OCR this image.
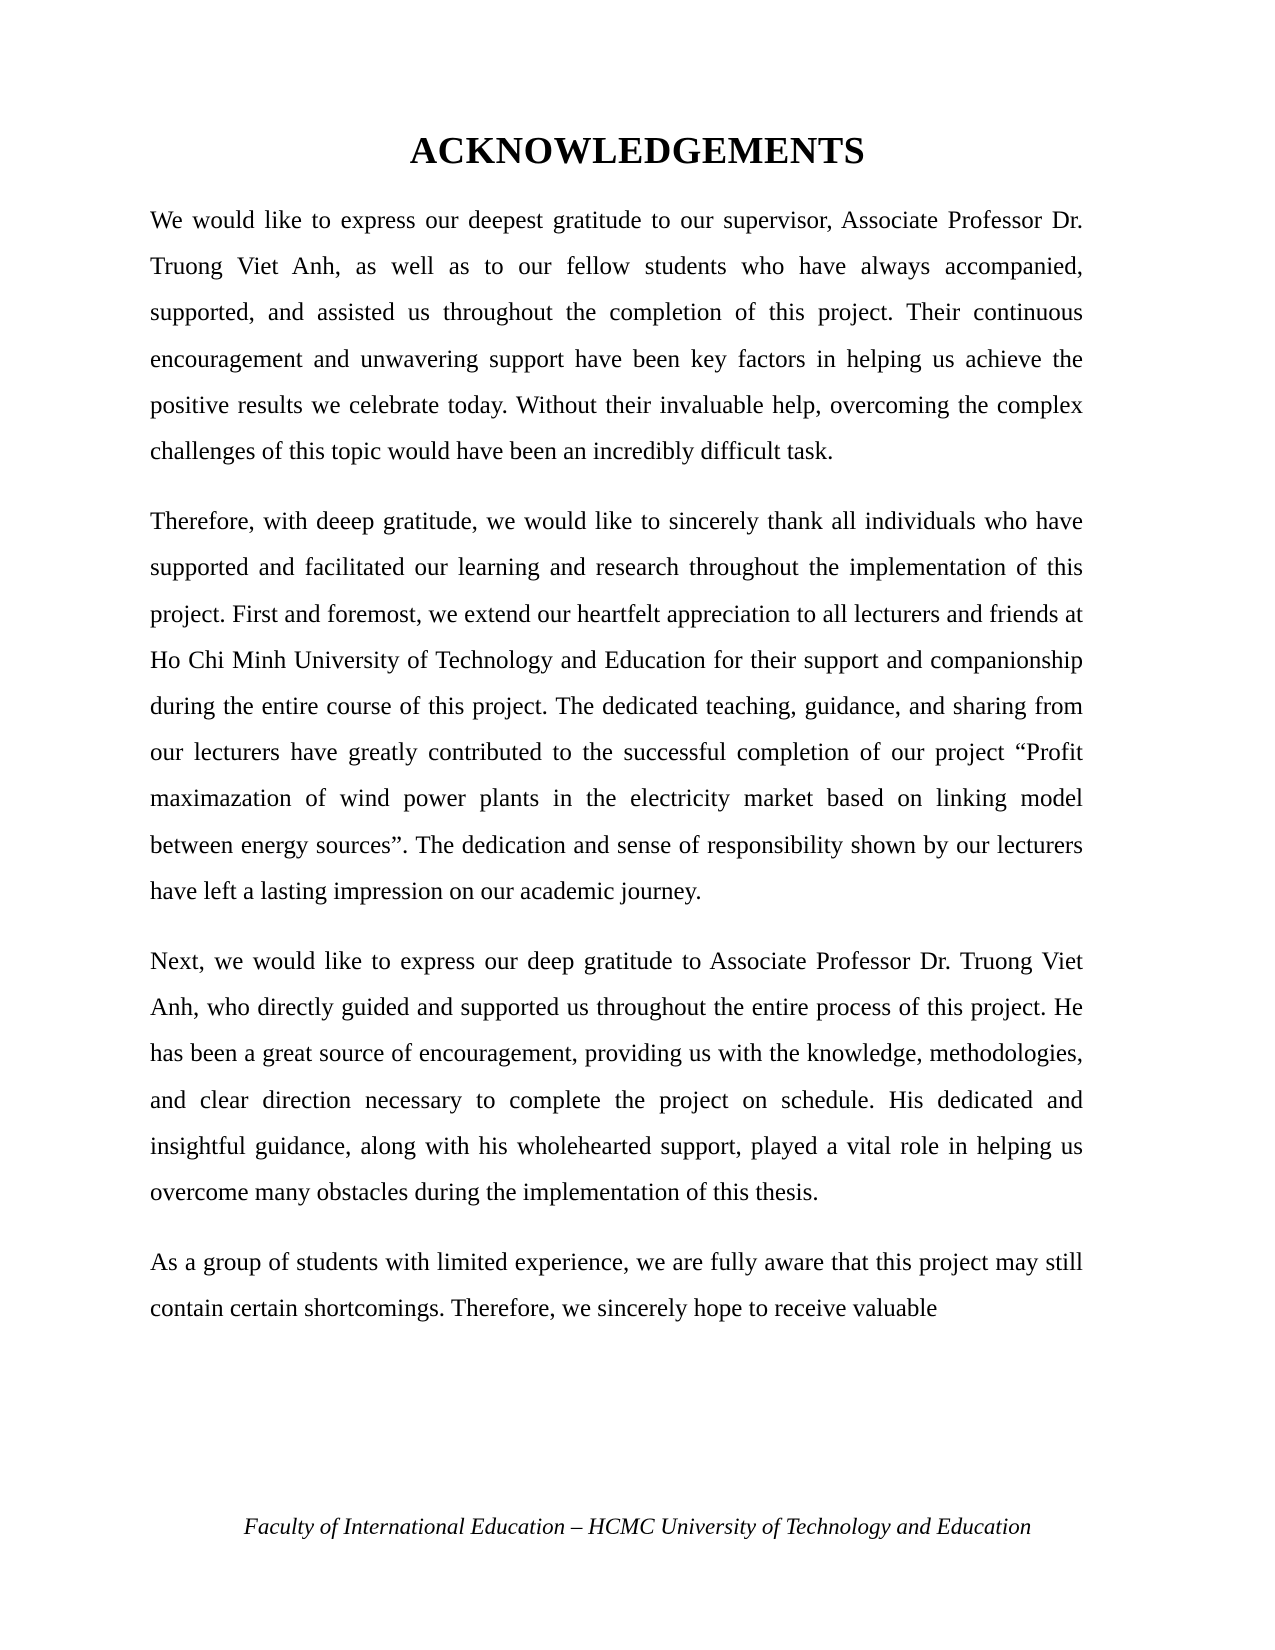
ACKNOWLEDGEMENTS

We would like to express our deepest gratitude to our supervisor, Associate Professor Dr. Truong Viet Anh, as well as to our fellow students who have always accompanied, supported, and assisted us throughout the completion of this project. Their continuous encouragement and unwavering support have been key factors in helping us achieve the positive results we celebrate today. Without their invaluable help, overcoming the complex challenges of this topic would have been an incredibly difficult task.

Therefore, with deeep gratitude, we would like to sincerely thank all individuals who have supported and facilitated our learning and research throughout the implementation of this project. First and foremost, we extend our heartfelt appreciation to all lecturers and friends at Ho Chi Minh University of Technology and Education for their support and companionship during the entire course of this project. The dedicated teaching, guidance, and sharing from our lecturers have greatly contributed to the successful completion of our project “Profit maximazation of wind power plants in the electricity market based on linking model between energy sources”. The dedication and sense of responsibility shown by our lecturers have left a lasting impression on our academic journey.

Next, we would like to express our deep gratitude to Associate Professor Dr. Truong Viet Anh, who directly guided and supported us throughout the entire process of this project. He has been a great source of encouragement, providing us with the knowledge, methodologies, and clear direction necessary to complete the project on schedule. His dedicated and insightful guidance, along with his wholehearted support, played a vital role in helping us overcome many obstacles during the implementation of this thesis.

As a group of students with limited experience, we are fully aware that this project may still contain certain shortcomings. Therefore, we sincerely hope to receive valuable

Faculty of International Education – HCMC University of Technology and Education
